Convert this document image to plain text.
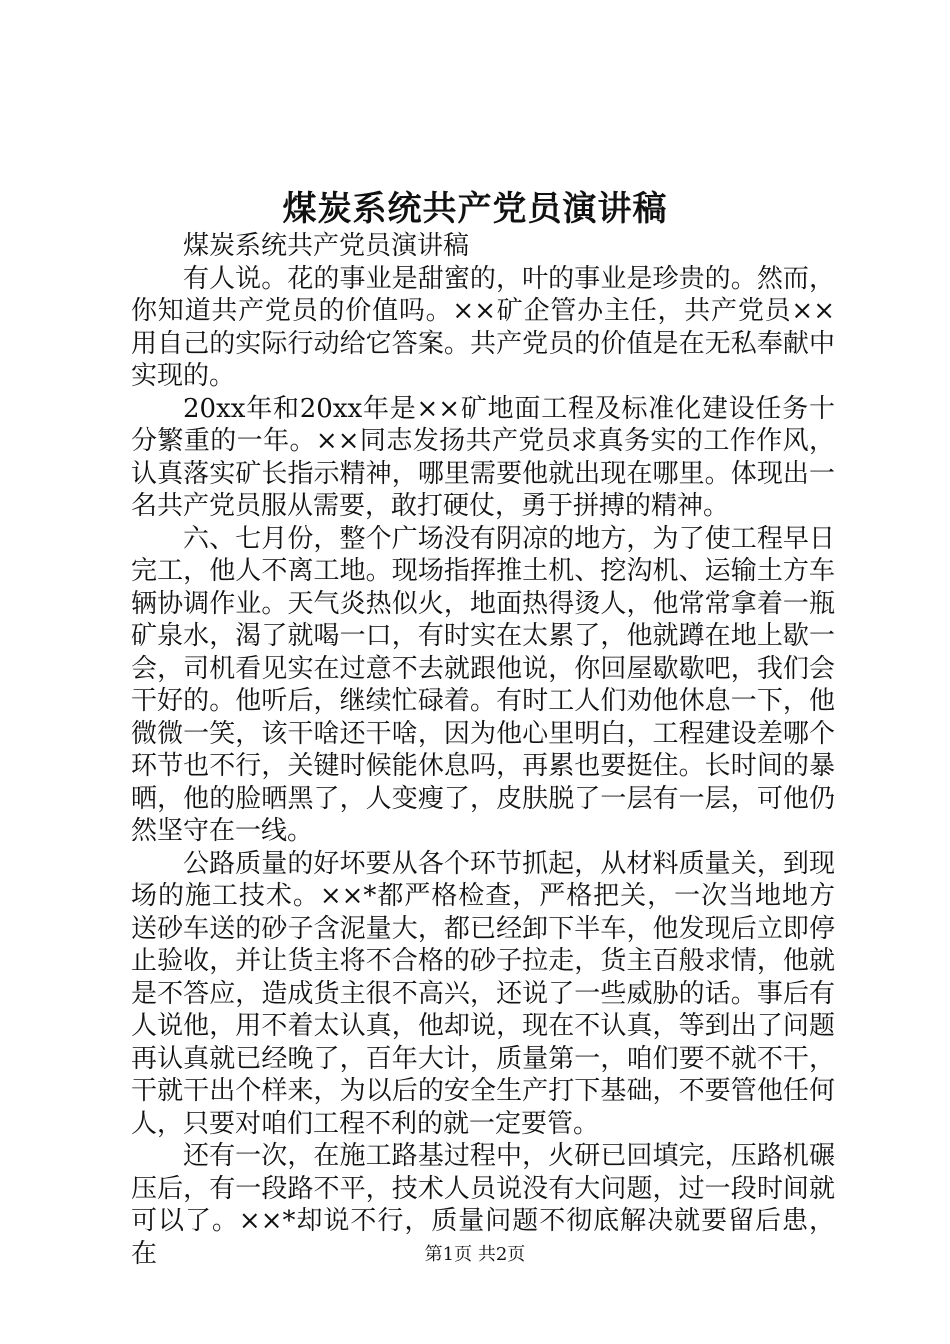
煤炭系统共产党员演讲稿

煤炭系统共产党员演讲稿

有人说。花的事业是甜蜜的，叶的事业是珍贵的。然而，你知道共产党员的价值吗。××矿企管办主任，共产党员××用自己的实际行动给它答案。共产党员的价值是在无私奉献中实现的。

20xx年和20xx年是××矿地面工程及标准化建设任务十分繁重的一年。××同志发扬共产党员求真务实的工作作风，认真落实矿长指示精神，哪里需要他就出现在哪里。体现出一名共产党员服从需要，敢打硬仗，勇于拼搏的精神。

六、七月份，整个广场没有阴凉的地方，为了使工程早日完工，他人不离工地。现场指挥推土机、挖沟机、运输土方车辆协调作业。天气炎热似火，地面热得烫人，他常常拿着一瓶矿泉水，渴了就喝一口，有时实在太累了，他就蹲在地上歇一会，司机看见实在过意不去就跟他说，你回屋歇歇吧，我们会干好的。他听后，继续忙碌着。有时工人们劝他休息一下，他微微一笑，该干啥还干啥，因为他心里明白，工程建设差哪个环节也不行，关键时候能休息吗，再累也要挺住。长时间的暴晒，他的脸晒黑了，人变瘦了，皮肤脱了一层有一层，可他仍然坚守在一线。

公路质量的好坏要从各个环节抓起，从材料质量关，到现场的施工技术。××*都严格检查，严格把关，一次当地地方送砂车送的砂子含泥量大，都已经卸下半车，他发现后立即停止验收，并让货主将不合格的砂子拉走，货主百般求情，他就是不答应，造成货主很不高兴，还说了一些威胁的话。事后有人说他，用不着太认真，他却说，现在不认真，等到出了问题再认真就已经晚了，百年大计，质量第一，咱们要不就不干，干就干出个样来，为以后的安全生产打下基础，不要管他任何人，只要对咱们工程不利的就一定要管。

还有一次，在施工路基过程中，火研已回填完，压路机碾压后，有一段路不平，技术人员说没有大问题，过一段时间就可以了。××*却说不行，质量问题不彻底解决就要留后患，在	第1页 共2页
